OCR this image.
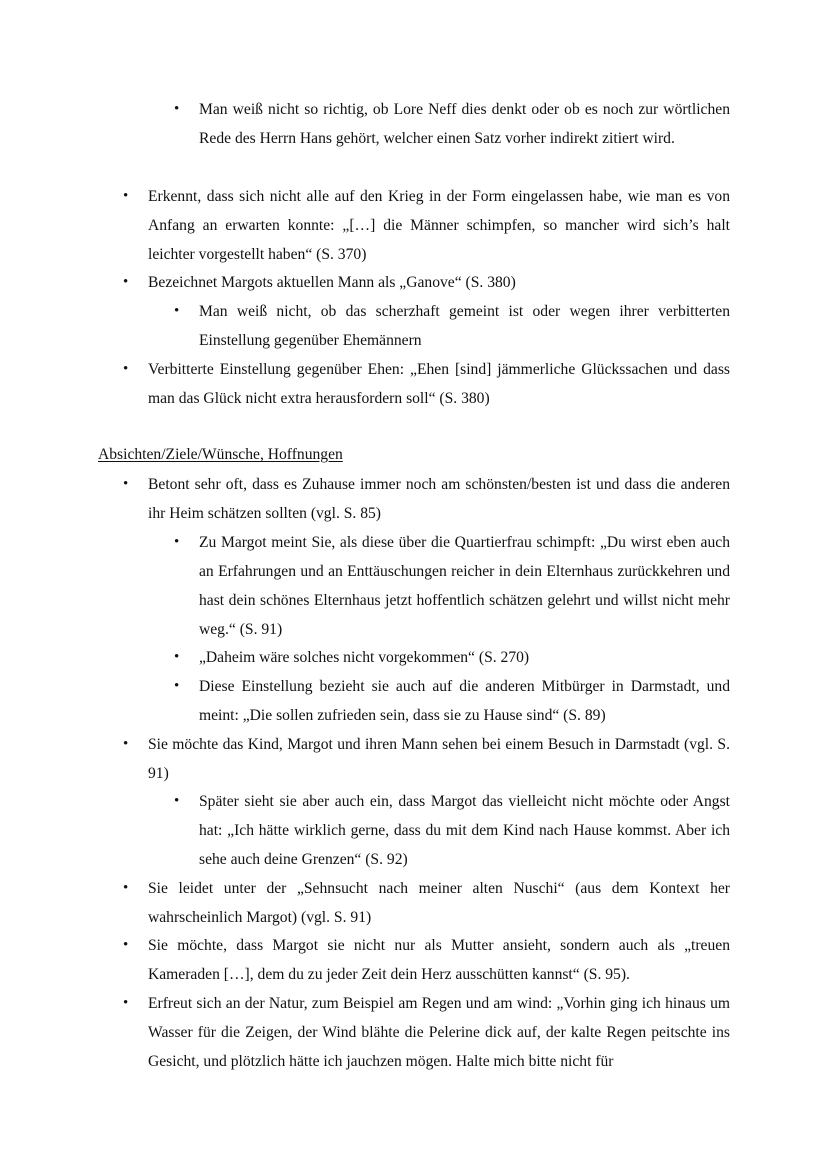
• Man weiß nicht so richtig, ob Lore Neff dies denkt oder ob es noch zur wörtlichen Rede des Herrn Hans gehört, welcher einen Satz vorher indirekt zitiert wird.
• Erkennt, dass sich nicht alle auf den Krieg in der Form eingelassen habe, wie man es von Anfang an erwarten konnte: „[…] die Männer schimpfen, so mancher wird sich’s halt leichter vorgestellt haben“ (S. 370)
• Bezeichnet Margots aktuellen Mann als „Ganove“ (S. 380)
• Man weiß nicht, ob das scherzhaft gemeint ist oder wegen ihrer verbitterten Einstellung gegenüber Ehemännern
• Verbitterte Einstellung gegenüber Ehen: „Ehen [sind] jämmerliche Glückssachen und dass man das Glück nicht extra herausfordern soll“ (S. 380)
Absichten/Ziele/Wünsche, Hoffnungen
• Betont sehr oft, dass es Zuhause immer noch am schönsten/besten ist und dass die anderen ihr Heim schätzen sollten (vgl. S. 85)
• Zu Margot meint Sie, als diese über die Quartierfrau schimpft: „Du wirst eben auch an Erfahrungen und an Enttäuschungen reicher in dein Elternhaus zurückkehren und hast dein schönes Elternhaus jetzt hoffentlich schätzen gelehrt und willst nicht mehr weg.“ (S. 91)
• „Daheim wäre solches nicht vorgekommen“ (S. 270)
• Diese Einstellung bezieht sie auch auf die anderen Mitbürger in Darmstadt, und meint: „Die sollen zufrieden sein, dass sie zu Hause sind“ (S. 89)
• Sie möchte das Kind, Margot und ihren Mann sehen bei einem Besuch in Darmstadt (vgl. S. 91)
• Später sieht sie aber auch ein, dass Margot das vielleicht nicht möchte oder Angst hat: „Ich hätte wirklich gerne, dass du mit dem Kind nach Hause kommst. Aber ich sehe auch deine Grenzen“ (S. 92)
• Sie leidet unter der „Sehnsucht nach meiner alten Nuschi“ (aus dem Kontext her wahrscheinlich Margot) (vgl. S. 91)
• Sie möchte, dass Margot sie nicht nur als Mutter ansieht, sondern auch als „treuen Kameraden […], dem du zu jeder Zeit dein Herz ausschütten kannst“ (S. 95).
• Erfreut sich an der Natur, zum Beispiel am Regen und am wind: „Vorhin ging ich hinaus um Wasser für die Zeigen, der Wind blähte die Pelerine dick auf, der kalte Regen peitschte ins Gesicht, und plötzlich hätte ich jauchzen mögen. Halte mich bitte nicht für
